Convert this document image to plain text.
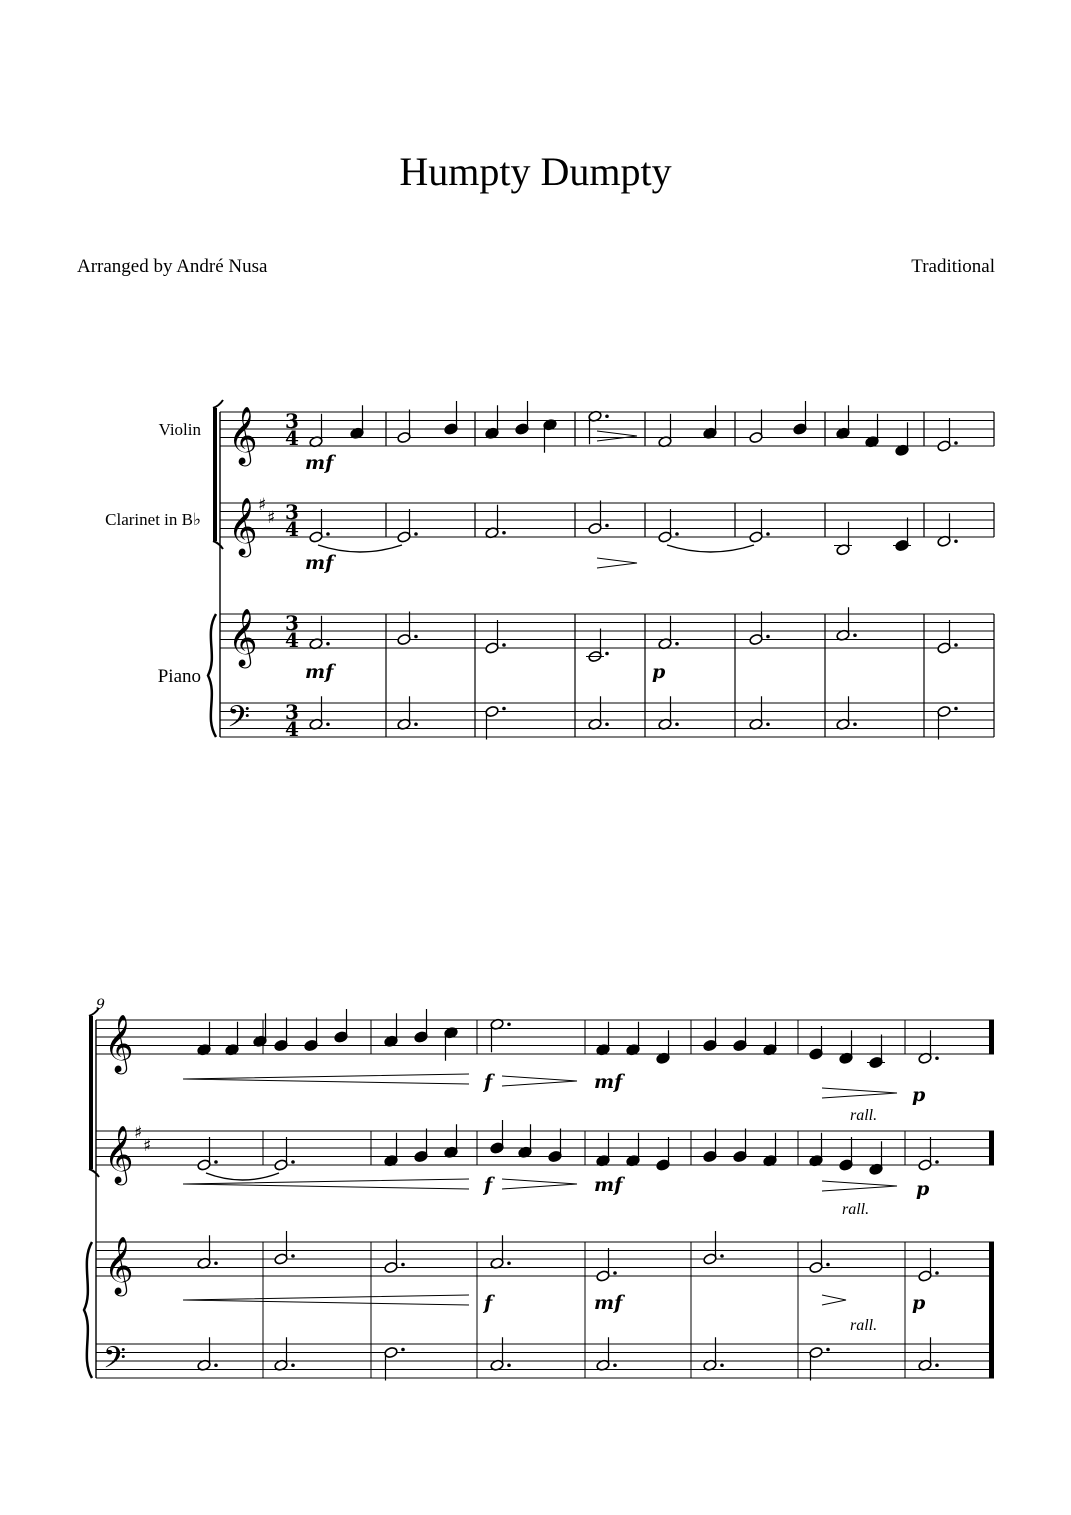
Humpty Dumpty
Arranged by André Nusa	Traditional
Violin
Clarinet in B♭
Piano
𝄞
𝄞
𝄞
𝄢
♯
♯
3
4
3
4
3
4
3
4
mf
mf
mf	p
𝄞
𝄞
𝄞
𝄢
♯
♯
f	mf
rall.
p
f	mf
rall.
p
f	mf
rall.
p
9
